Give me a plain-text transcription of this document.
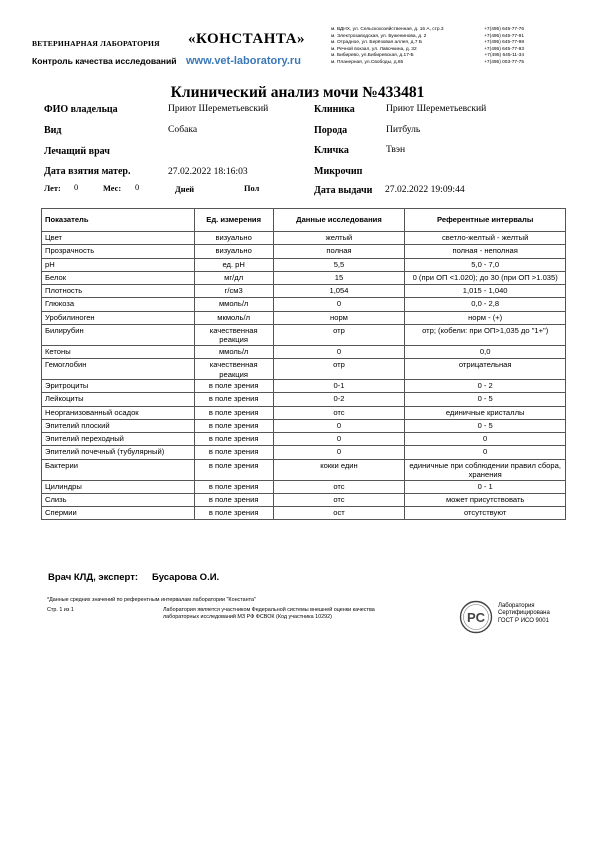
ВЕТЕРИНАРНАЯ ЛАБОРАТОРИЯ «КОНСТАНТА»
Контроль качества исследований www.vet-laboratory.ru
м. ВДНХ, ул. Сельскохозяйственная, д. 16 А, стр.3
м. Электрозаводская, ул. Буженинова, д. 2
м. Отрадное, ул. Берёзовая аллея, д.7 Б
м. Речной вокзал, ул. Лавочкина, д. 32
м. Бибирево, ул.Бибиревская, д.17-Б
м. Планерная, ул.Свободы, д.65
+7(495) 645-77-76
+7(495) 645-77-91
+7(495) 645-77-98
+7(495) 645-77-93
+7(495) 645-11-34
+7(495) 003-77-75
Клинический анализ мочи №433481
ФИО владельца	Приют Шереметьевский	Клиника	Приют Шереметьевский
Вид	Собака	Порода	Питбуль
Лечащий врач	Кличка	Твэн
Дата взятия матер.	27.02.2022 18:16:03	Микрочип
Лет: 0	Мес: 0	Дней	Пол	Дата выдачи 27.02.2022 19:09:44
Показатель	Ед. измерения	Данные исследования	Референтные интервалы
Цвет	визуально	желтый	светло-желтый - желтый
Прозрачность	визуально	полная	полная - неполная
pH	ед. pH	5,5	5,0 - 7,0
Белок	мг/дл	15	0 (при ОП <1.020); до 30 (при ОП >1.035)
Плотность	г/см3	1,054	1,015 - 1,040
Глюкоза	ммоль/л	0	0,0 - 2,8
Уробилиноген	мкмоль/л	норм	норм - (+)
Билирубин	качественная реакция	отр	отр; (кобели: при ОП>1,035 до "1+")
Кетоны	ммоль/л	0	0,0
Гемоглобин	качественная реакция	отр	отрицательная
Эритроциты	в поле зрения	0-1	0 - 2
Лейкоциты	в поле зрения	0-2	0 - 5
Неорганизованный осадок	в поле зрения	отс	единичные кристаллы
Эпителий плоский	в поле зрения	0	0 - 5
Эпителий переходный	в поле зрения	0	0
Эпителий почечный (тубулярный)	в поле зрения	0	0
Бактерии	в поле зрения	кокки един	единичные при соблюдении правил сбора, хранения
Цилиндры	в поле зрения	отс	0 - 1
Слизь	в поле зрения	отс	может присутствовать
Спермии	в поле зрения	ост	отсутствуют
Врач КЛД, эксперт: Бусарова О.И.
*Данные средних значений по референтным интервалам лаборатории "Константа"
Стр. 1 из 1	Лаборатория является участником Федеральной системы внешней оценки качества
лабораторных исследований МЗ РФ ФСВОК (Код участника 10292)	PC
Лаборатория
Сертифицирована
ГОСТ Р ИСО 9001
